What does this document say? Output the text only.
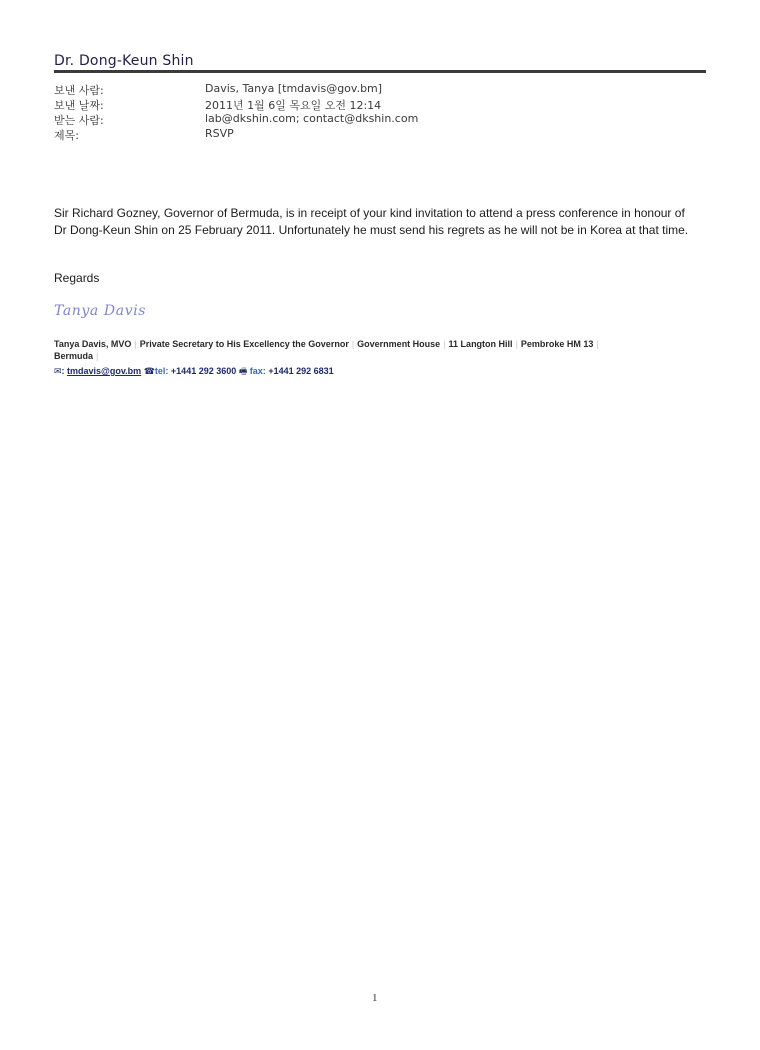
Dr. Dong-Keun Shin
보낸 사람:	Davis, Tanya [tmdavis@gov.bm]
보낸 날짜:	2011년 1월 6일 목요일 오전 12:14
받는 사람:	lab@dkshin.com; contact@dkshin.com
제목:	RSVP

Sir Richard Gozney, Governor of Bermuda, is in receipt of your kind invitation to attend a press conference in honour of Dr Dong-Keun Shin on 25 February 2011. Unfortunately he must send his regrets as he will not be in Korea at that time.

Regards
Tanya Davis
Tanya Davis, MVO | Private Secretary to His Excellency the Governor | Government House | 11 Langton Hill | Pembroke HM 13 |
Bermuda |
✉: tmdavis@gov.bm ☎tel: +1441 292 3600 🖷 fax: +1441 292 6831
1
